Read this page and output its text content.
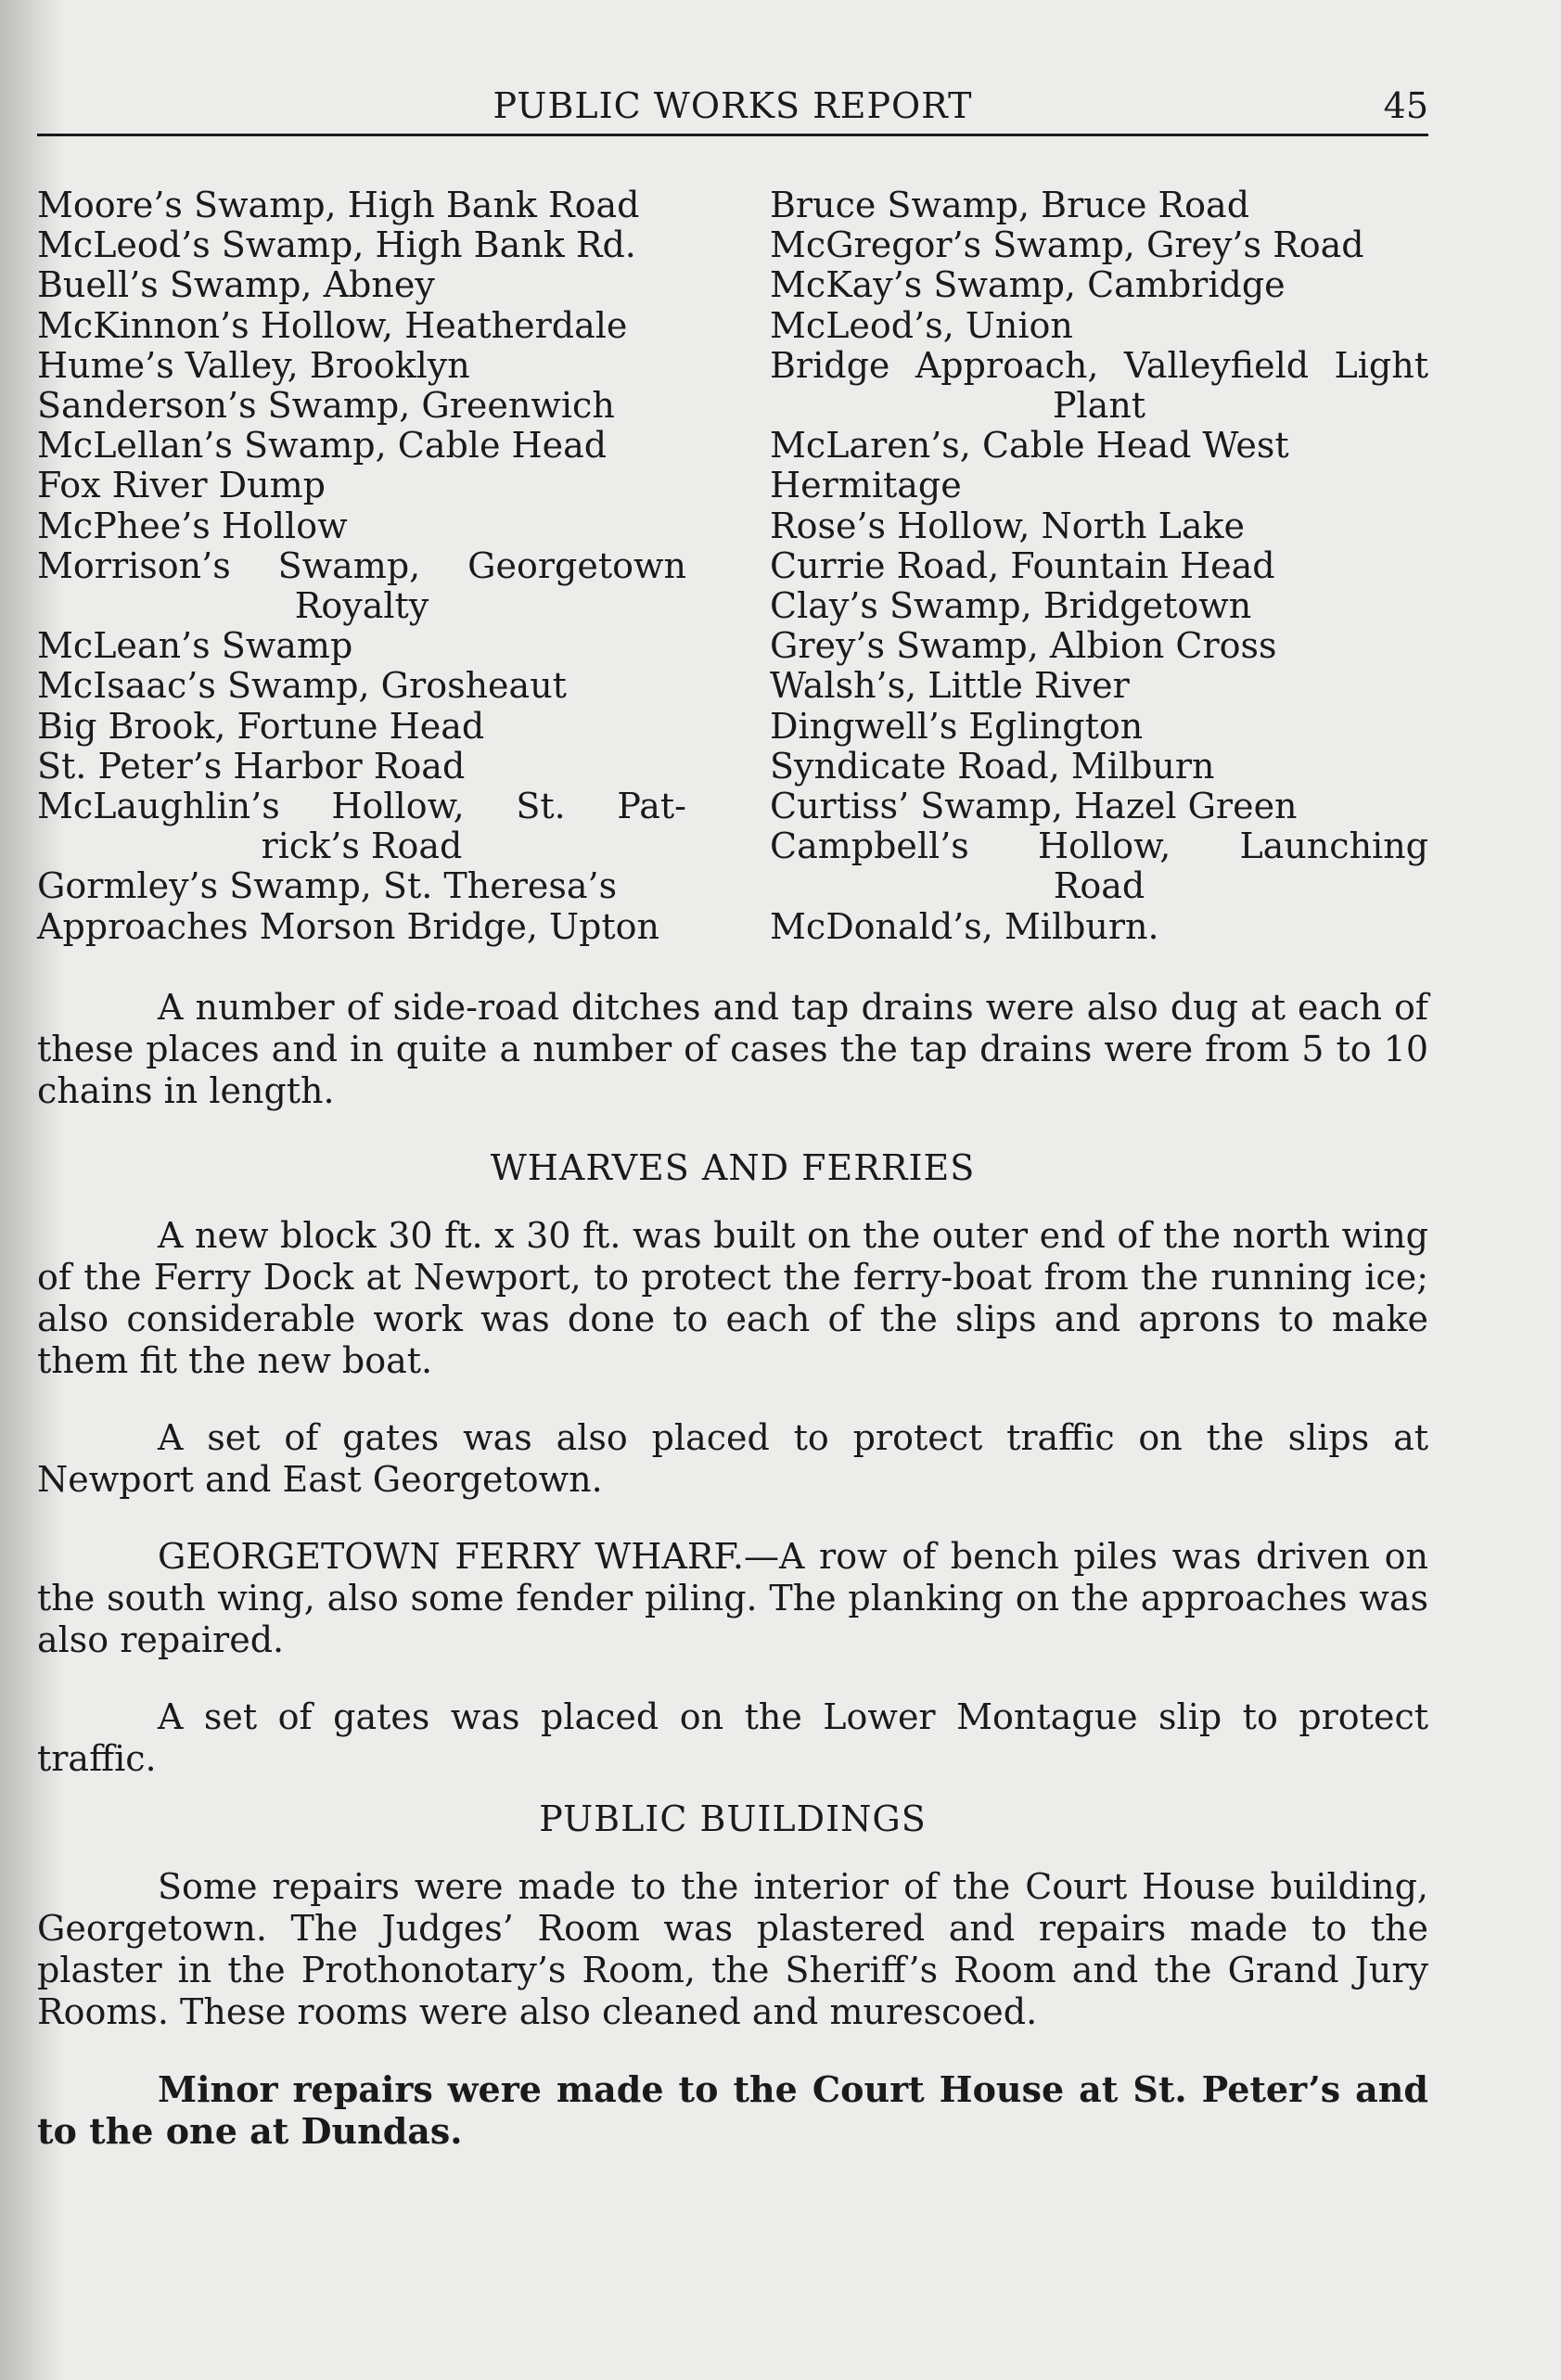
PUBLIC WORKS REPORT	45
Moore’s Swamp, High Bank Road
McLeod’s Swamp, High Bank Rd.
Buell’s Swamp, Abney
McKinnon’s Hollow, Heatherdale
Hume’s Valley, Brooklyn
Sanderson’s Swamp, Greenwich
McLellan’s Swamp, Cable Head
Fox River Dump
McPhee’s Hollow
Morrison’s Swamp, Georgetown
Royalty
McLean’s Swamp
McIsaac’s Swamp, Grosheaut
Big Brook, Fortune Head
St. Peter’s Harbor Road
McLaughlin’s Hollow, St. Pat-
rick’s Road
Gormley’s Swamp, St. Theresa’s
Approaches Morson Bridge, Upton
Bruce Swamp, Bruce Road
McGregor’s Swamp, Grey’s Road
McKay’s Swamp, Cambridge
McLeod’s, Union
Bridge Approach, Valleyfield Light
Plant
McLaren’s, Cable Head West
Hermitage
Rose’s Hollow, North Lake
Currie Road, Fountain Head
Clay’s Swamp, Bridgetown
Grey’s Swamp, Albion Cross
Walsh’s, Little River
Dingwell’s Eglington
Syndicate Road, Milburn
Curtiss’ Swamp, Hazel Green
Campbell’s Hollow, Launching
Road
McDonald’s, Milburn.

A number of side-road ditches and tap drains were also dug at each of these places and in quite a number of cases the tap drains were from 5 to 10 chains in length.

WHARVES AND FERRIES

A new block 30 ft. x 30 ft. was built on the outer end of the north wing of the Ferry Dock at Newport, to protect the ferry-boat from the running ice; also considerable work was done to each of the slips and aprons to make them fit the new boat.

A set of gates was also placed to protect traffic on the slips at Newport and East Georgetown.

GEORGETOWN FERRY WHARF.—A row of bench piles was driven on the south wing, also some fender piling. The planking on the approaches was also repaired.

A set of gates was placed on the Lower Montague slip to protect traffic.

PUBLIC BUILDINGS

Some repairs were made to the interior of the Court House building, Georgetown. The Judges’ Room was plastered and repairs made to the plaster in the Prothonotary’s Room, the Sheriff’s Room and the Grand Jury Rooms. These rooms were also cleaned and murescoed.

Minor repairs were made to the Court House at St. Peter’s and to the one at Dundas.
